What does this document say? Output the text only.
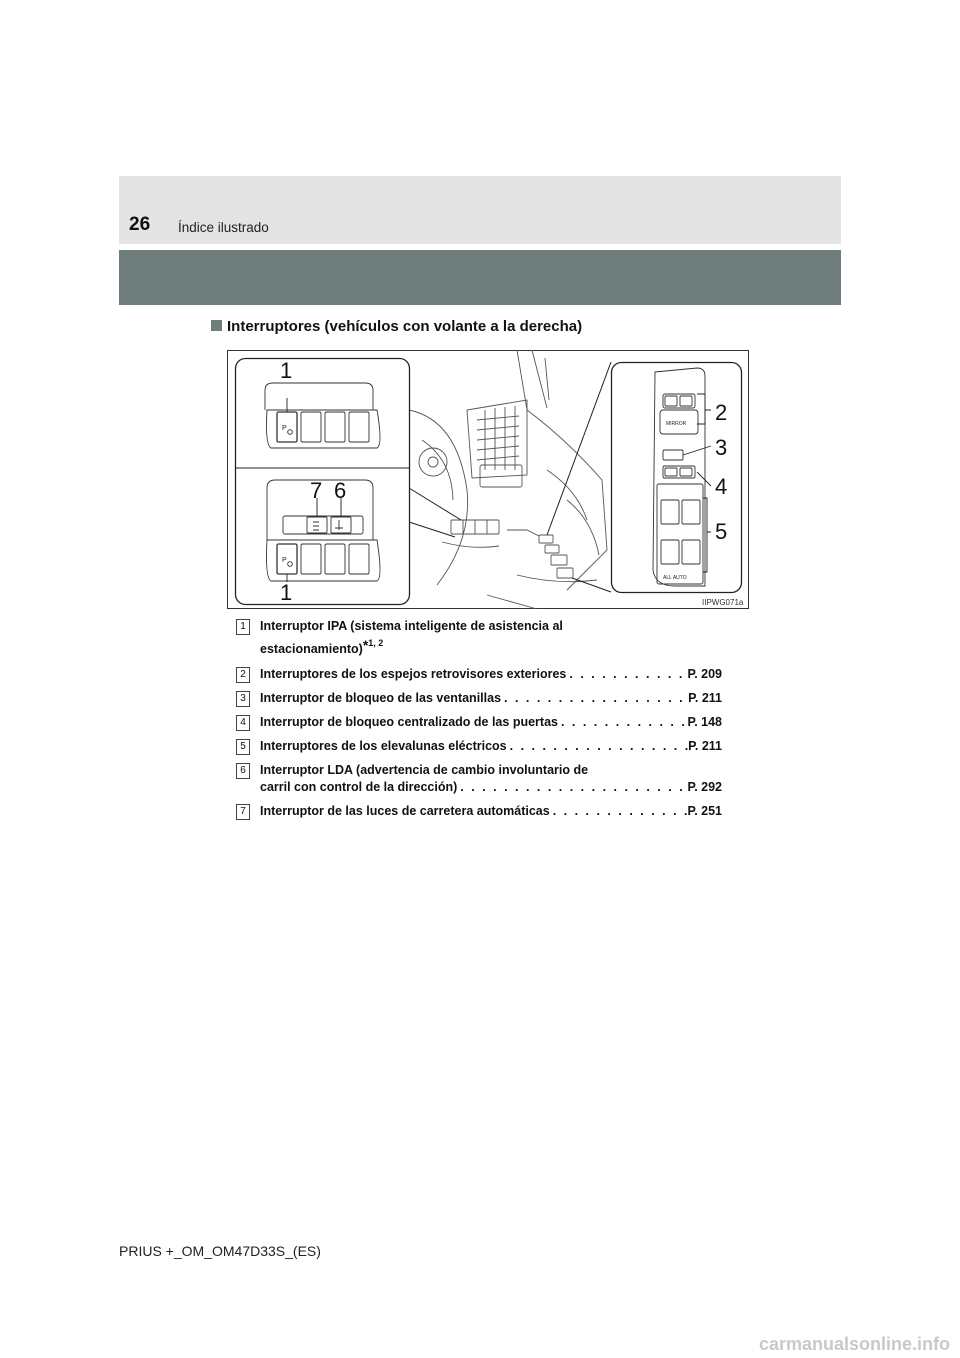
26 Índice ilustrado
Interruptores (vehículos con volante a la derecha)
P
P
1
7 6
1
MIRROR
ALL AUTO
2
3
4
5
IIPWG071a
1	Interruptor IPA (sistema inteligente de asistencia al
estacionamiento)*$^{1, 2}$
2	Interruptores de los espejos retrovisores exteriores . . .	P. 209
3	Interruptor de bloqueo de las ventanillas . . .	P. 211
4	Interruptor de bloqueo centralizado de las puertas . . .	P. 148
5	Interruptores de los elevalunas eléctricos . . .	P. 211
6	Interruptor LDA (advertencia de cambio involuntario de
carril con control de la dirección) . . .	P. 292
7	Interruptor de las luces de carretera automáticas . . .	P. 251
PRIUS +_OM_OM47D33S_(ES)
carmanualsonline.info
